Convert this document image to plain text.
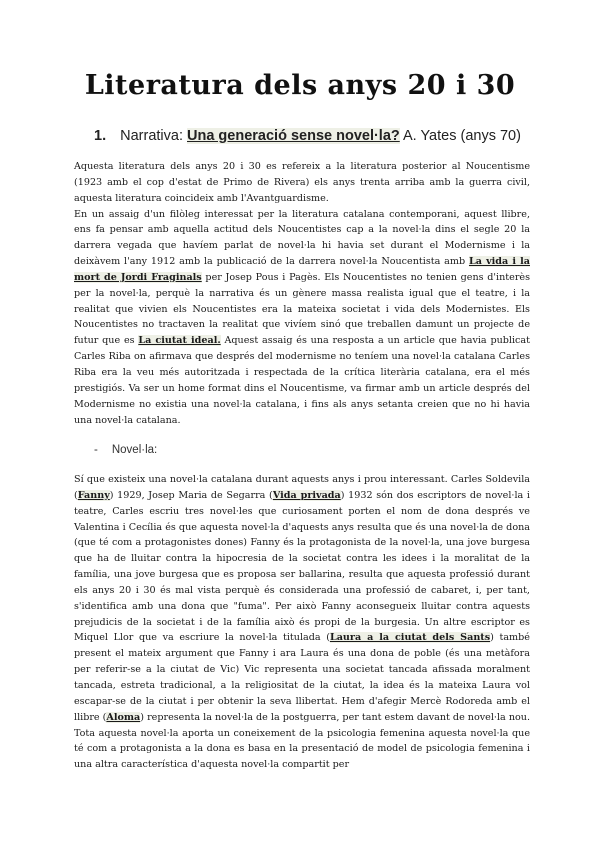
Literatura dels anys 20 i 30
1. Narrativa: Una generació sense novel·la? A. Yates (anys 70)

Aquesta literatura dels anys 20 i 30 es refereix a la literatura posterior al Noucentisme (1923 amb el cop d'estat de Primo de Rivera) els anys trenta arriba amb la guerra civil, aquesta literatura coincideix amb l'Avantguardisme.

En un assaig d'un filòleg interessat per la literatura catalana contemporani, aquest llibre, ens fa pensar amb aquella actitud dels Noucentistes cap a la novel·la dins el segle 20 la darrera vegada que havíem parlat de novel·la hi havia set durant el Modernisme i la deixàvem l'any 1912 amb la publicació de la darrera novel·la Noucentista amb La vida i la mort de Jordi Fraginals per Josep Pous i Pagès. Els Noucentistes no tenien gens d'interès per la novel·la, perquè la narrativa és un gènere massa realista igual que el teatre, i la realitat que vivien els Noucentistes era la mateixa societat i vida dels Modernistes. Els Noucentistes no tractaven la realitat que vivíem sinó que treballen damunt un projecte de futur que es La ciutat ideal. Aquest assaig és una resposta a un article que havia publicat Carles Riba on afirmava que després del modernisme no teníem una novel·la catalana Carles Riba era la veu més autoritzada i respectada de la crítica literària catalana, era el més prestigiós. Va ser un home format dins el Noucentisme, va firmar amb un article després del Modernisme no existia una novel·la catalana, i fins als anys setanta creien que no hi havia una novel·la catalana.

- Novel·la:

Sí que existeix una novel·la catalana durant aquests anys i prou interessant. Carles Soldevila (Fanny) 1929, Josep Maria de Segarra (Vida privada) 1932 són dos escriptors de novel·la i teatre, Carles escriu tres novel·les que curiosament porten el nom de dona després ve Valentina i Cecília és que aquesta novel·la d'aquests anys resulta que és una novel·la de dona (que té com a protagonistes dones) Fanny és la protagonista de la novel·la, una jove burgesa que ha de lluitar contra la hipocresia de la societat contra les idees i la moralitat de la família, una jove burgesa que es proposa ser ballarina, resulta que aquesta professió durant els anys 20 i 30 és mal vista perquè és considerada una professió de cabaret, i, per tant, s'identifica amb una dona que "fuma". Per això Fanny aconsegueix lluitar contra aquests prejudicis de la societat i de la família això és propi de la burgesia. Un altre escriptor es Miquel Llor que va escriure la novel·la titulada (Laura a la ciutat dels Sants) també present el mateix argument que Fanny i ara Laura és una dona de poble (és una metàfora per referir-se a la ciutat de Vic) Vic representa una societat tancada afissada moralment tancada, estreta tradicional, a la religiositat de la ciutat, la idea és la mateixa Laura vol escapar-se de la ciutat i per obtenir la seva llibertat. Hem d'afegir Mercè Rodoreda amb el llibre (Aloma) representa la novel·la de la postguerra, per tant estem davant de novel·la nou. Tota aquesta novel·la aporta un coneixement de la psicologia femenina aquesta novel·la que té com a protagonista a la dona es basa en la presentació de model de psicologia femenina i una altra característica d'aquesta novel·la compartit per
